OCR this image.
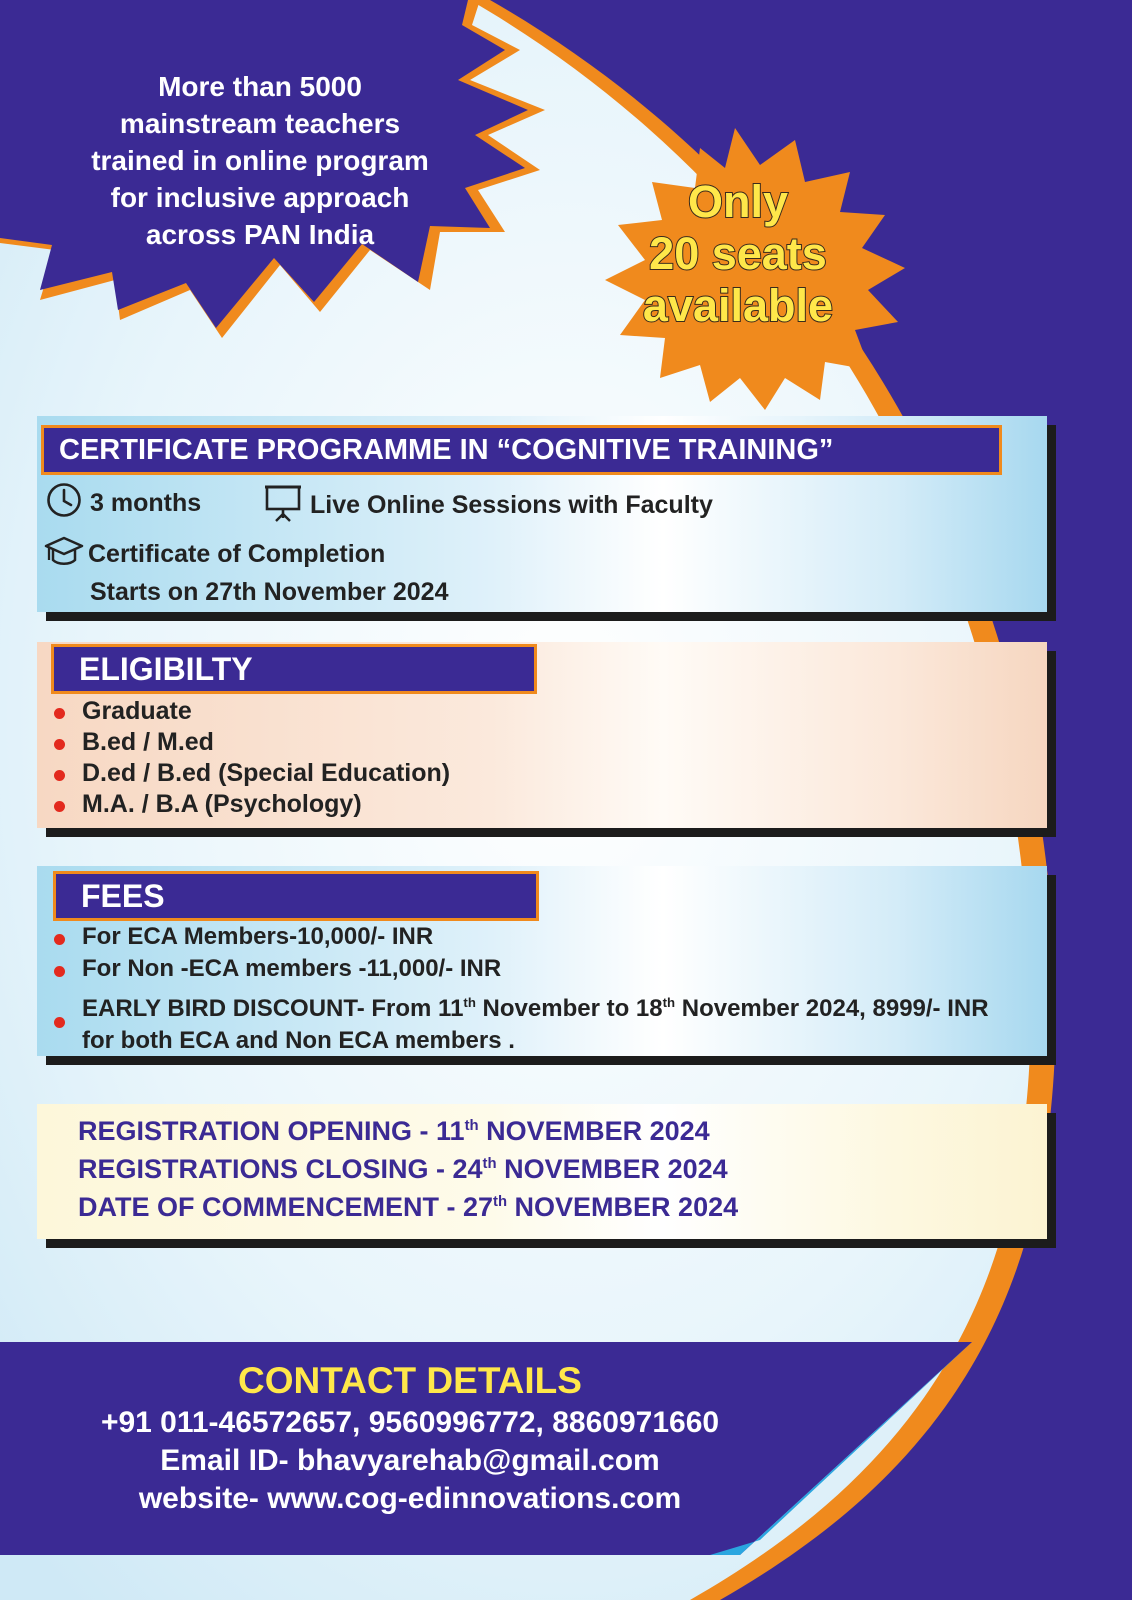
More than 5000
mainstream teachers
trained in online program
for inclusive approach
across PAN India
Only
20 seats
available
CERTIFICATE PROGRAMME IN “COGNITIVE TRAINING”
3 months	Live Online Sessions with Faculty
Certificate of Completion
Starts on 27th November 2024
ELIGIBILTY
Graduate
B.ed / M.ed
D.ed / B.ed (Special Education)
M.A. / B.A (Psychology)
FEES
For ECA Members-10,000/- INR
For Non -ECA members -11,000/- INR
EARLY BIRD DISCOUNT- From 11th November to 18th November 2024, 8999/- INR
for both ECA and Non ECA members .
REGISTRATION OPENING - 11th NOVEMBER 2024
REGISTRATIONS CLOSING - 24th NOVEMBER 2024
DATE OF COMMENCEMENT - 27th NOVEMBER 2024
CONTACT DETAILS
+91 011-46572657, 9560996772, 8860971660
Email ID- bhavyarehab@gmail.com
website- www.cog-edinnovations.com
